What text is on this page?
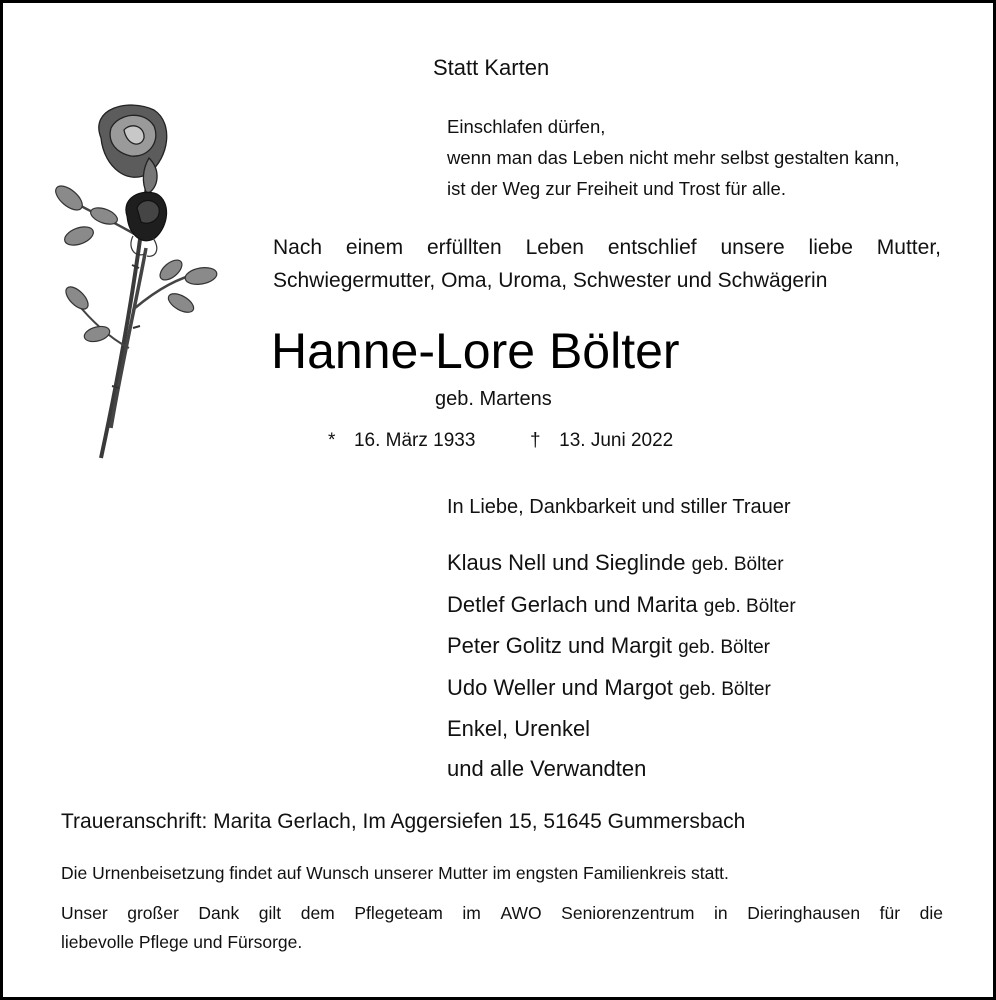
Statt Karten
Einschlafen dürfen,
wenn man das Leben nicht mehr selbst gestalten kann,
ist der Weg zur Freiheit und Trost für alle.
Nach einem erfüllten Leben entschlief unsere liebe Mutter,
Schwiegermutter, Oma, Uroma, Schwester und Schwägerin
Hanne-Lore Bölter
geb. Martens
* 16. März 1933	† 13. Juni 2022
In Liebe, Dankbarkeit und stiller Trauer
Klaus Nell und Sieglinde geb. Bölter
Detlef Gerlach und Marita geb. Bölter
Peter Golitz und Margit geb. Bölter
Udo Weller und Margot geb. Bölter
Enkel, Urenkel
und alle Verwandten
Traueranschrift: Marita Gerlach, Im Aggersiefen 15, 51645 Gummersbach
Die Urnenbeisetzung findet auf Wunsch unserer Mutter im engsten Familienkreis statt.
Unser großer Dank gilt dem Pflegeteam im AWO Seniorenzentrum in Dieringhausen für die
liebevolle Pflege und Fürsorge.
